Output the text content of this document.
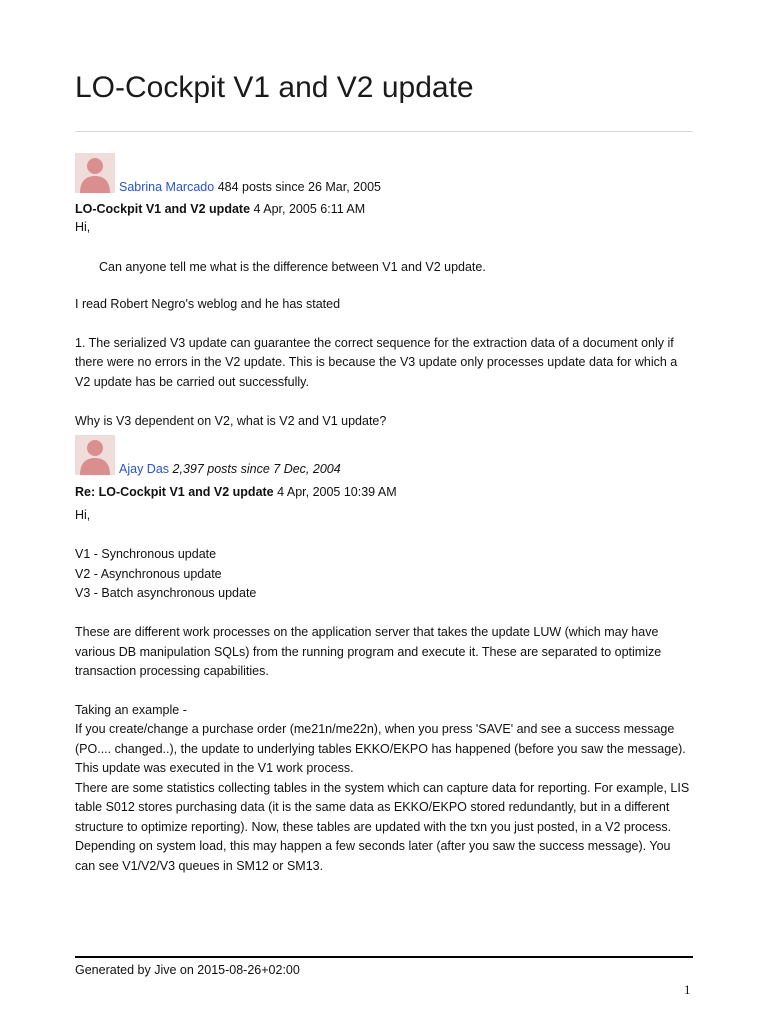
LO-Cockpit V1 and V2 update
Sabrina Marcado 484 posts since 26 Mar, 2005
LO-Cockpit V1 and V2 update 4 Apr, 2005 6:11 AM
Hi,
Can anyone tell me what is the difference between V1 and V2 update.
I read Robert Negro's weblog and he has stated
1. The serialized V3 update can guarantee the correct sequence for the extraction data of a document only if
there were no errors in the V2 update. This is because the V3 update only processes update data for which a
V2 update has be carried out successfully.
Why is V3 dependent on V2, what is V2 and V1 update?
Ajay Das 2,397 posts since 7 Dec, 2004
Re: LO-Cockpit V1 and V2 update 4 Apr, 2005 10:39 AM
Hi,
V1 - Synchronous update
V2 - Asynchronous update
V3 - Batch asynchronous update
These are different work processes on the application server that takes the update LUW (which may have
various DB manipulation SQLs) from the running program and execute it. These are separated to optimize
transaction processing capabilities.
Taking an example -
If you create/change a purchase order (me21n/me22n), when you press 'SAVE' and see a success message
(PO.... changed..), the update to underlying tables EKKO/EKPO has happened (before you saw the message).
This update was executed in the V1 work process.
There are some statistics collecting tables in the system which can capture data for reporting. For example, LIS
table S012 stores purchasing data (it is the same data as EKKO/EKPO stored redundantly, but in a different
structure to optimize reporting). Now, these tables are updated with the txn you just posted, in a V2 process.
Depending on system load, this may happen a few seconds later (after you saw the success message). You
can see V1/V2/V3 queues in SM12 or SM13.
Generated by Jive on 2015-08-26+02:00
1
